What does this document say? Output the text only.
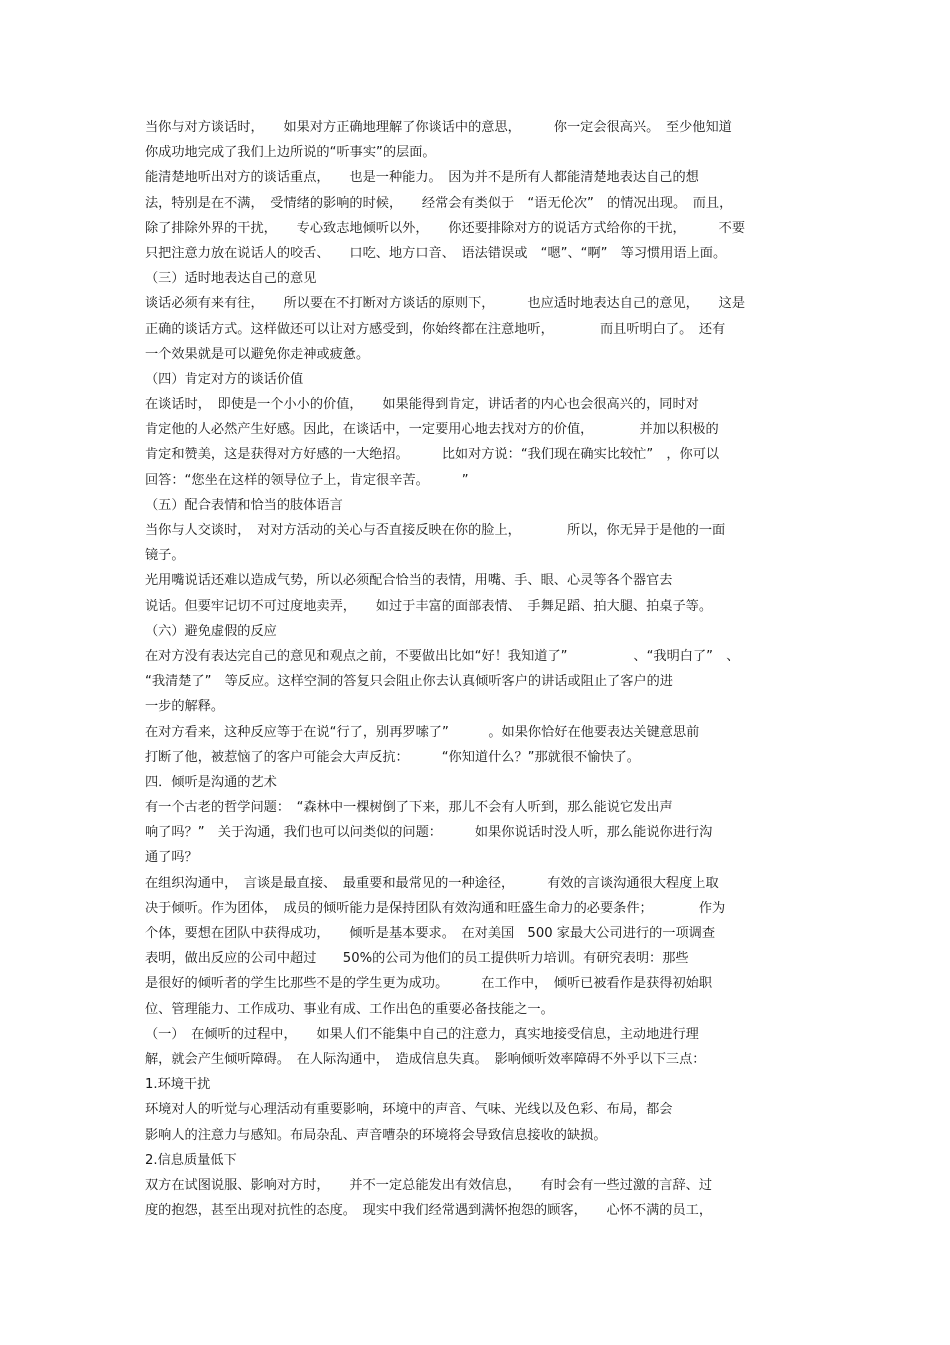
当你与对方谈话时，　　如果对方正确地理解了你谈话中的意思，　　　你一定会很高兴。　至少他知道
你成功地完成了我们上边所说的“听事实”的层面。
能清楚地听出对方的谈话重点，　　也是一种能力。　因为并不是所有人都能清楚地表达自己的想
法，特别是在不满，　受情绪的影响的时候，　　经常会有类似于　“语无伦次”　的情况出现。　而且，
除了排除外界的干扰，　　专心致志地倾听以外，　　你还要排除对方的说话方式给你的干扰，　　　不要
只把注意力放在说话人的咬舌、　　口吃、地方口音、　语法错误或　“嗯”、“啊”　等习惯用语上面。
（三）适时地表达自己的意见
谈话必须有来有往，　　所以要在不打断对方谈话的原则下，　　　也应适时地表达自己的意见，　　这是
正确的谈话方式。这样做还可以让对方感受到，你始终都在注意地听，　　　　而且听明白了。　还有
一个效果就是可以避免你走神或疲惫。
（四）肯定对方的谈话价值
在谈话时，　即使是一个小小的价值，　　如果能得到肯定，讲话者的内心也会很高兴的，同时对
肯定他的人必然产生好感。因此，在谈话中，一定要用心地去找对方的价值，　　　　并加以积极的
肯定和赞美，这是获得对方好感的一大绝招。　　　比如对方说：“我们现在确实比较忙”　，你可以
回答：“您坐在这样的领导位子上，肯定很辛苦。　　　”
（五）配合表情和恰当的肢体语言
当你与人交谈时，　对对方活动的关心与否直接反映在你的脸上，　　　　所以，你无异于是他的一面
镜子。
光用嘴说话还难以造成气势，所以必须配合恰当的表情，用嘴、手、眼、心灵等各个器官去
说话。但要牢记切不可过度地卖弄，　　如过于丰富的面部表情、　手舞足蹈、拍大腿、拍桌子等。
（六）避免虚假的反应
在对方没有表达完自己的意见和观点之前，不要做出比如“好！我知道了”　　　　　、“我明白了”　、
“我清楚了”　等反应。这样空洞的答复只会阻止你去认真倾听客户的讲话或阻止了客户的进
一步的解释。
在对方看来，这种反应等于在说“行了，别再罗嗦了”　　　。如果你恰好在他要表达关键意思前
打断了他，被惹恼了的客户可能会大声反抗：　　　“你知道什么？”那就很不愉快了。
四．倾听是沟通的艺术
有一个古老的哲学问题：　“森林中一棵树倒了下来，那儿不会有人听到，那么能说它发出声
响了吗？”　关于沟通，我们也可以问类似的问题：　　　如果你说话时没人听，那么能说你进行沟
通了吗？
在组织沟通中，　言谈是最直接、　最重要和最常见的一种途径，　　　有效的言谈沟通很大程度上取
决于倾听。作为团体，　成员的倾听能力是保持团队有效沟通和旺盛生命力的必要条件；　　　　作为
个体，要想在团队中获得成功，　　倾听是基本要求。　在对美国　500 家最大公司进行的一项调查
表明，做出反应的公司中超过　　50%的公司为他们的员工提供听力培训。有研究表明：那些
是很好的倾听者的学生比那些不是的学生更为成功。　　　在工作中，　倾听已被看作是获得初始职
位、管理能力、工作成功、事业有成、工作出色的重要必备技能之一。
（一）　在倾听的过程中，　　如果人们不能集中自己的注意力，真实地接受信息，主动地进行理
解，就会产生倾听障碍。　在人际沟通中，　造成信息失真。　影响倾听效率障碍不外乎以下三点：
1.环境干扰
环境对人的听觉与心理活动有重要影响，环境中的声音、气味、光线以及色彩、布局，都会
影响人的注意力与感知。布局杂乱、声音嘈杂的环境将会导致信息接收的缺损。
2.信息质量低下
双方在试图说服、影响对方时，　　并不一定总能发出有效信息，　　有时会有一些过激的言辞、过
度的抱怨，甚至出现对抗性的态度。　现实中我们经常遇到满怀抱怨的顾客，　　心怀不满的员工，
